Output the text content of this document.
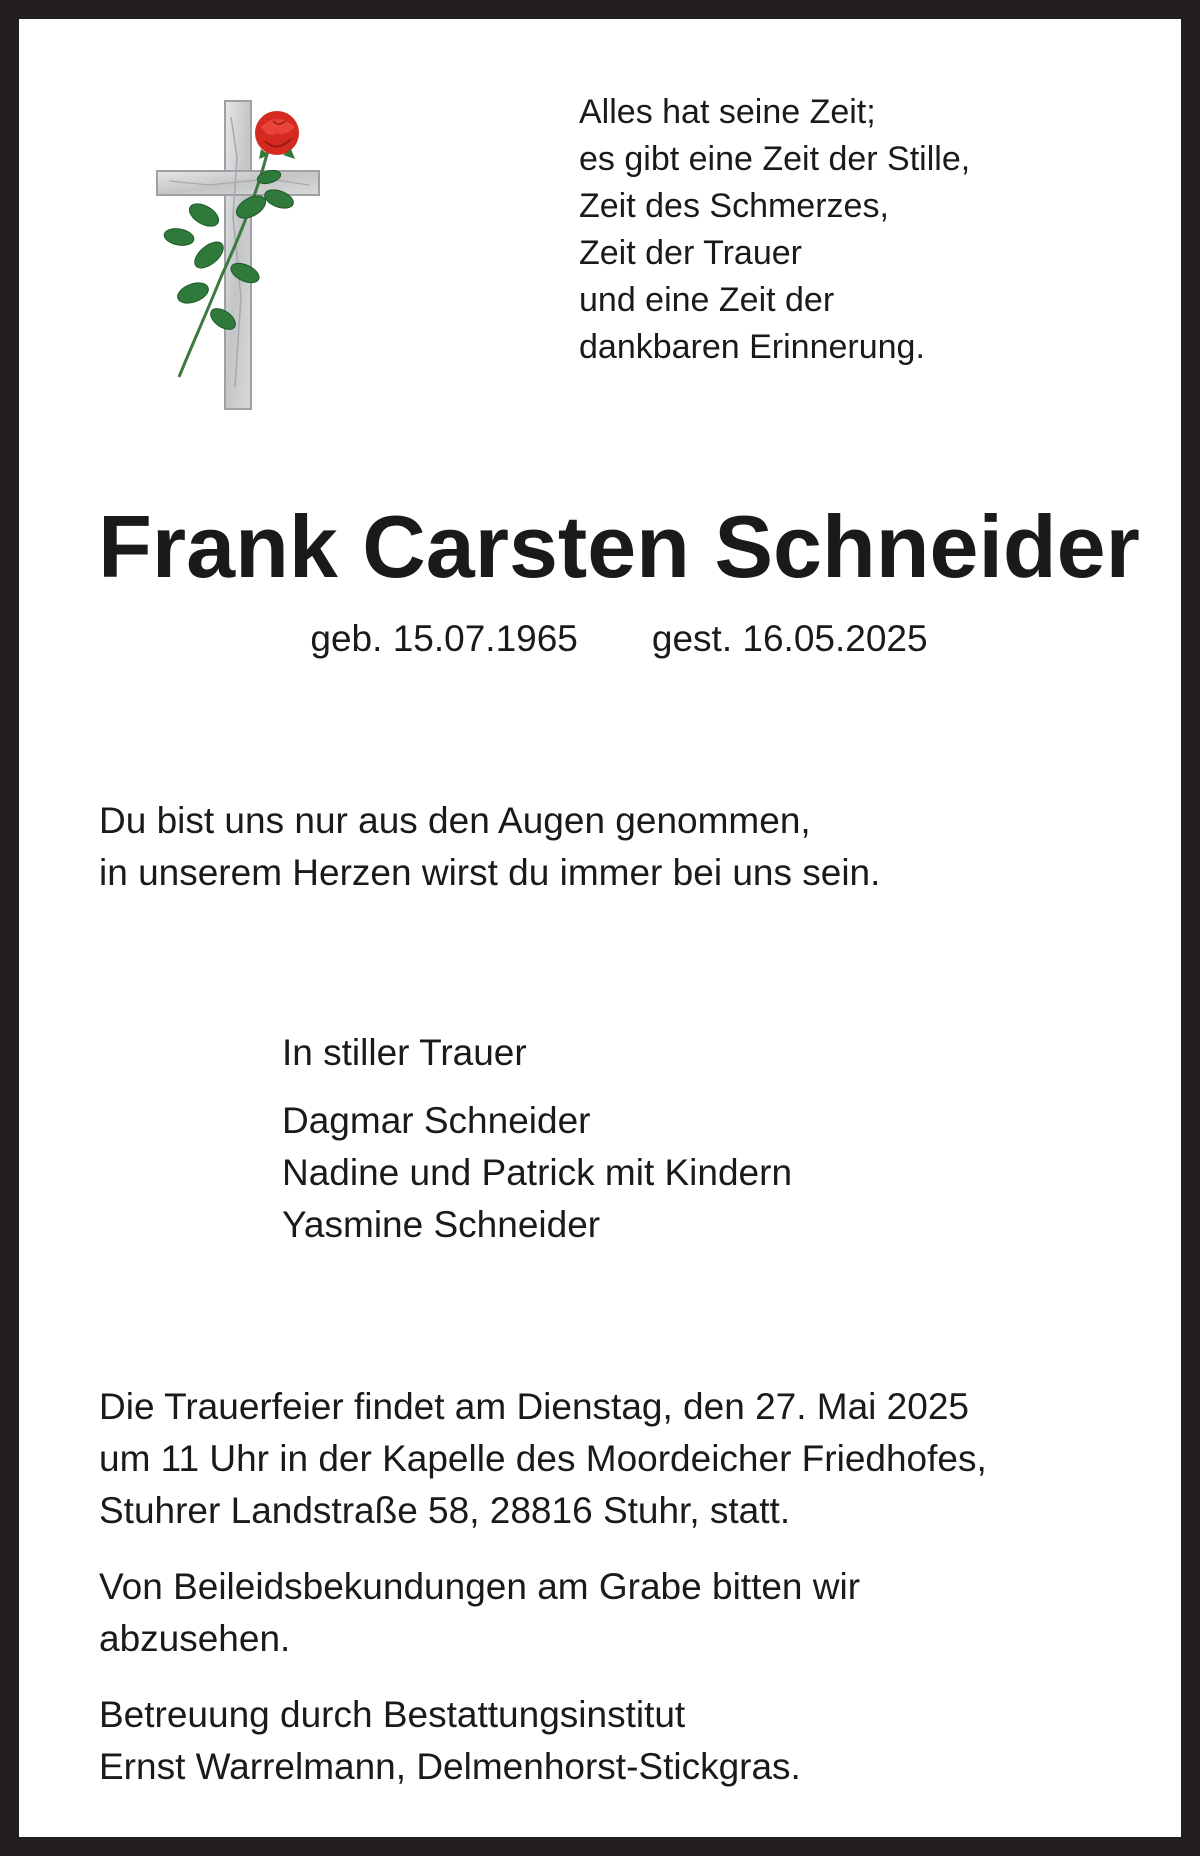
Alles hat seine Zeit;
es gibt eine Zeit der Stille,
Zeit des Schmerzes,
Zeit der Trauer
und eine Zeit der
dankbaren Erinnerung.
Frank Carsten Schneider
geb. 15.07.1965 gest. 16.05.2025
Du bist uns nur aus den Augen genommen,
in unserem Herzen wirst du immer bei uns sein.
In stiller Trauer
Dagmar Schneider
Nadine und Patrick mit Kindern
Yasmine Schneider

Die Trauerfeier findet am Dienstag, den 27. Mai 2025
um 11 Uhr in der Kapelle des Moordeicher Friedhofes,
Stuhrer Landstraße 58, 28816 Stuhr, statt.

Von Beileidsbekundungen am Grabe bitten wir
abzusehen.

Betreuung durch Bestattungsinstitut
Ernst Warrelmann, Delmenhorst-Stickgras.
